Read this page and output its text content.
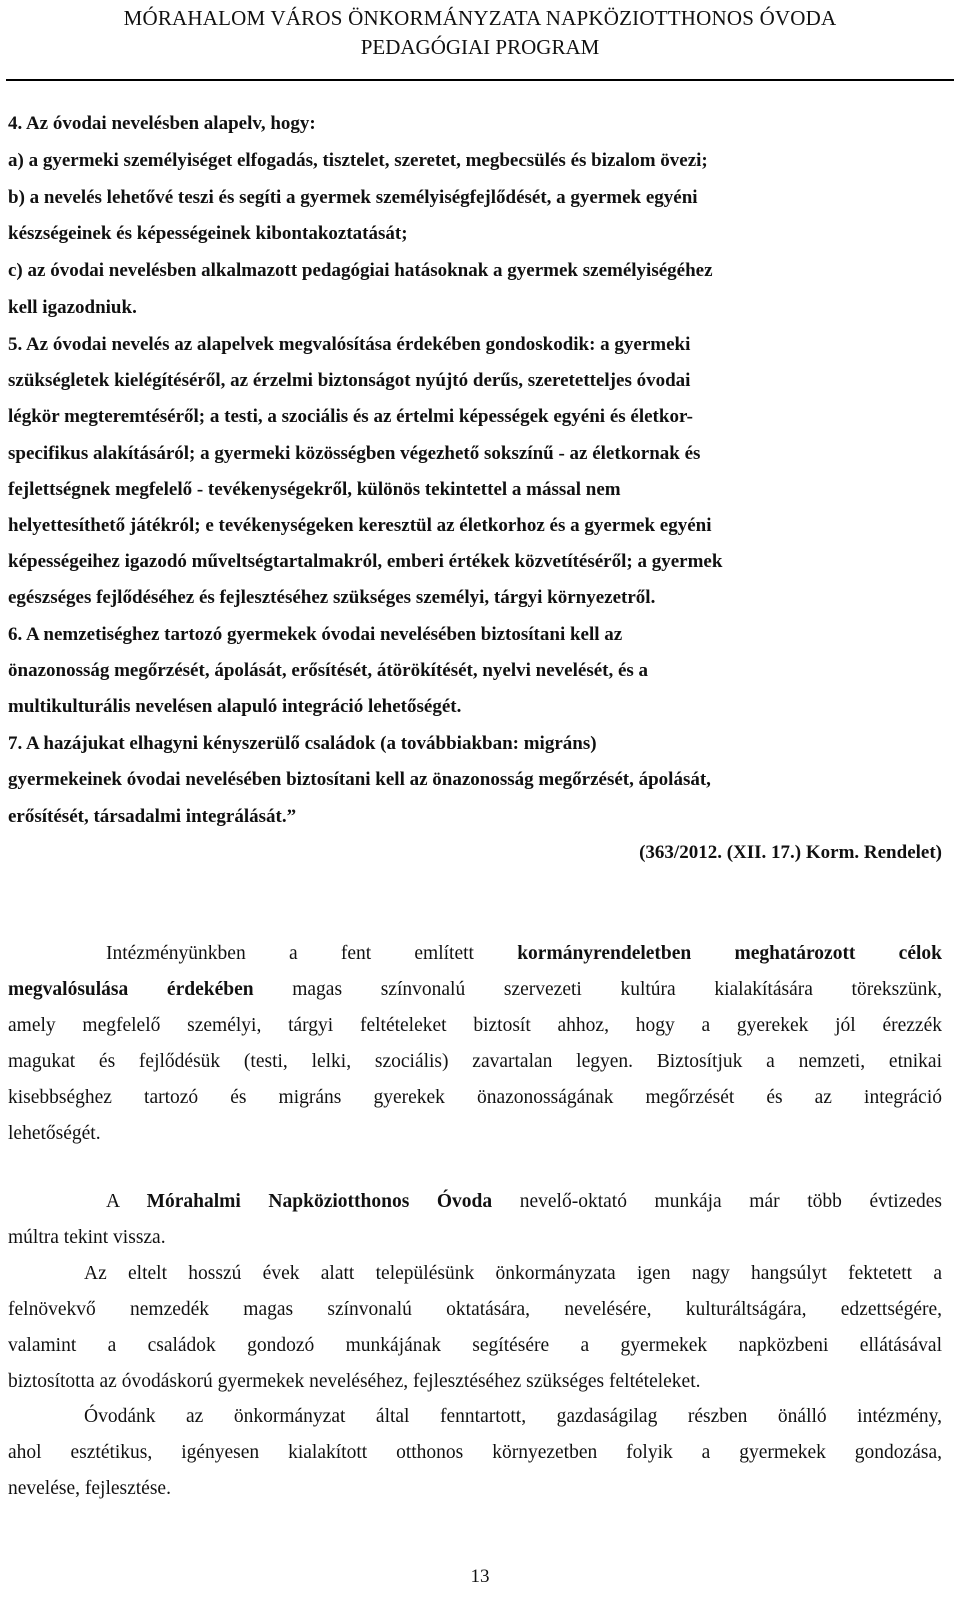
MÓRAHALOM VÁROS ÖNKORMÁNYZATA NAPKÖZIOTTHONOS ÓVODA
PEDAGÓGIAI PROGRAM
4. Az óvodai nevelésben alapelv, hogy:
a) a gyermeki személyiséget elfogadás, tisztelet, szeretet, megbecsülés és bizalom övezi;
b) a nevelés lehetővé teszi és segíti a gyermek személyiségfejlődését, a gyermek egyéni
készségeinek és képességeinek kibontakoztatását;
c) az óvodai nevelésben alkalmazott pedagógiai hatásoknak a gyermek személyiségéhez
kell igazodniuk.
5. Az óvodai nevelés az alapelvek megvalósítása érdekében gondoskodik: a gyermeki
szükségletek kielégítéséről, az érzelmi biztonságot nyújtó derűs, szeretetteljes óvodai
légkör megteremtéséről; a testi, a szociális és az értelmi képességek egyéni és életkor-
specifikus alakításáról; a gyermeki közösségben végezhető sokszínű - az életkornak és
fejlettségnek megfelelő - tevékenységekről, különös tekintettel a mással nem
helyettesíthető játékról; e tevékenységeken keresztül az életkorhoz és a gyermek egyéni
képességeihez igazodó műveltségtartalmakról, emberi értékek közvetítéséről; a gyermek
egészséges fejlődéséhez és fejlesztéséhez szükséges személyi, tárgyi környezetről.
6. A nemzetiséghez tartozó gyermekek óvodai nevelésében biztosítani kell az
önazonosság megőrzését, ápolását, erősítését, átörökítését, nyelvi nevelését, és a
multikulturális nevelésen alapuló integráció lehetőségét.
7. A hazájukat elhagyni kényszerülő családok (a továbbiakban: migráns)
gyermekeinek óvodai nevelésében biztosítani kell az önazonosság megőrzését, ápolását,
erősítését, társadalmi integrálását.”
(363/2012. (XII. 17.) Korm. Rendelet)
Intézményünkben a fent említett kormányrendeletben meghatározott célok
megvalósulása érdekében magas színvonalú szervezeti kultúra kialakítására törekszünk,
amely megfelelő személyi, tárgyi feltételeket biztosít ahhoz, hogy a gyerekek jól érezzék
magukat és fejlődésük (testi, lelki, szociális) zavartalan legyen. Biztosítjuk a nemzeti, etnikai
kisebbséghez tartozó és migráns gyerekek önazonosságának megőrzését és az integráció
lehetőségét.
A Mórahalmi Napköziotthonos Óvoda nevelő-oktató munkája már több évtizedes
múltra tekint vissza.
Az eltelt hosszú évek alatt településünk önkormányzata igen nagy hangsúlyt fektetett a
felnövekvő nemzedék magas színvonalú oktatására, nevelésére, kulturáltságára, edzettségére,
valamint a családok gondozó munkájának segítésére a gyermekek napközbeni ellátásával
biztosította az óvodáskorú gyermekek neveléséhez, fejlesztéséhez szükséges feltételeket.
Óvodánk az önkormányzat által fenntartott, gazdaságilag részben önálló intézmény,
ahol esztétikus, igényesen kialakított otthonos környezetben folyik a gyermekek gondozása,
nevelése, fejlesztése.
13
